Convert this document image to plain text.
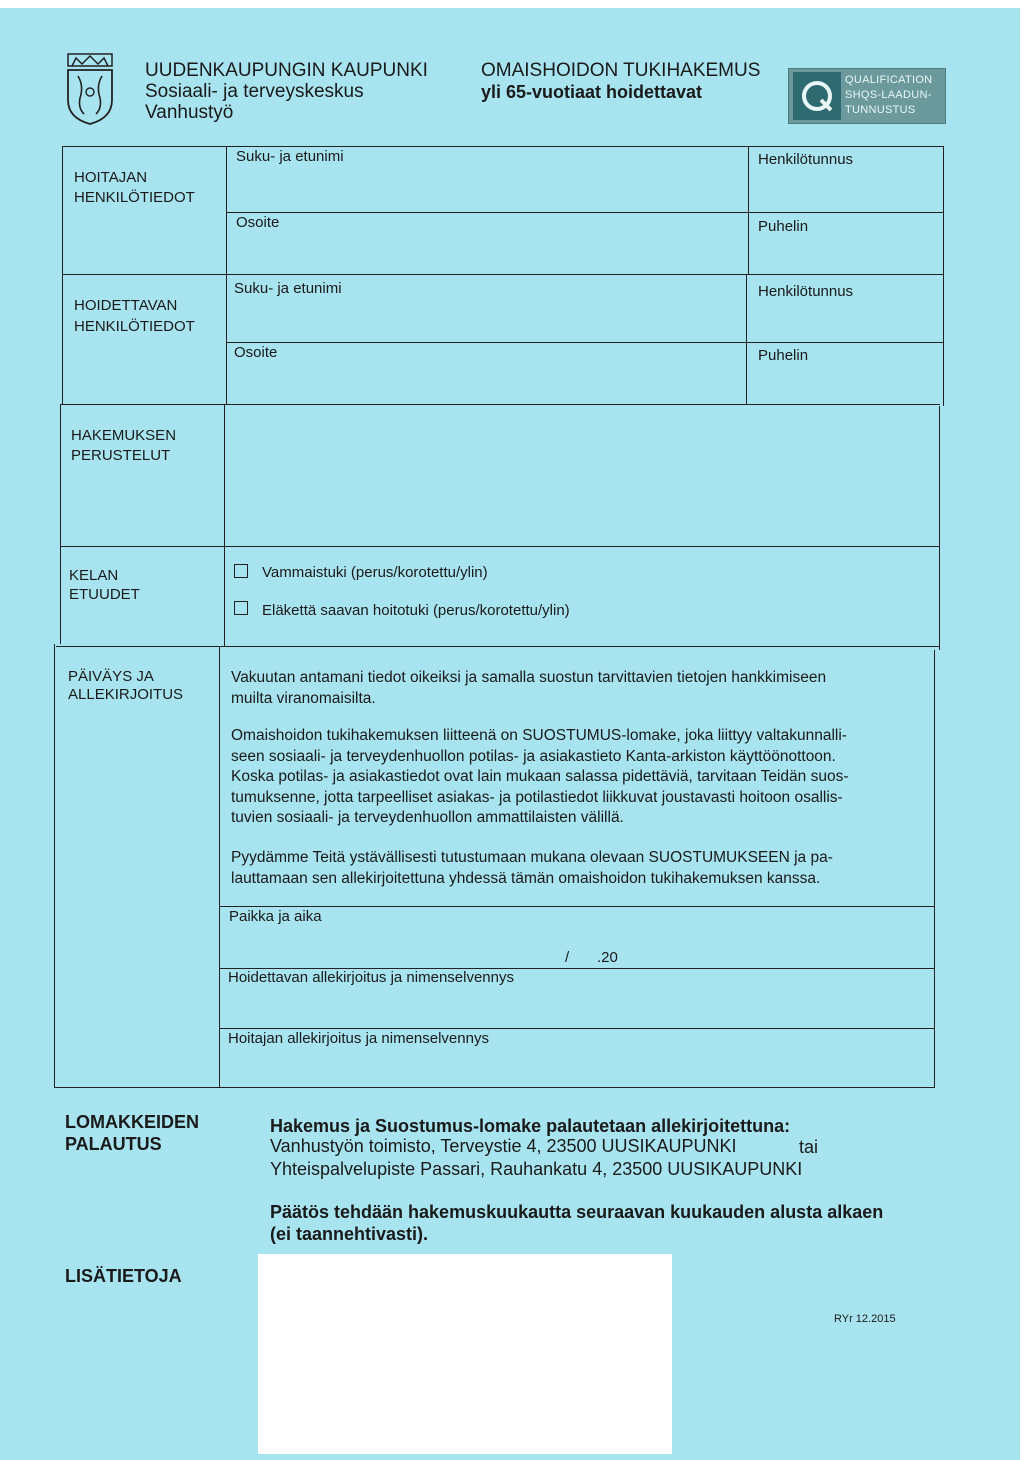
UUDENKAUPUNGIN KAUPUNKI
Sosiaali- ja terveyskeskus
Vanhustyö
OMAISHOIDON TUKIHAKEMUS
yli 65-vuotiaat hoidettavat
QUALIFICATION
SHQS-LAADUN-
TUNNUSTUS
HOITAJAN
HENKILÖTIEDOT
Suku- ja etunimi	Henkilötunnus
Osoite	Puhelin
HOIDETTAVAN
HENKILÖTIEDOT
Suku- ja etunimi	Henkilötunnus
Osoite	Puhelin
HAKEMUKSEN
PERUSTELUT
KELAN
ETUUDET
Vammaistuki (perus/korotettu/ylin)
Eläkettä saavan hoitotuki (perus/korotettu/ylin)
PÄIVÄYS JA
ALLEKIRJOITUS
Vakuutan antamani tiedot oikeiksi ja samalla suostun tarvittavien tietojen hankkimiseen
muilta viranomaisilta.
Omaishoidon tukihakemuksen liitteenä on SUOSTUMUS-lomake, joka liittyy valtakunnalli-
seen sosiaali- ja terveydenhuollon potilas- ja asiakastieto Kanta-arkiston käyttöönottoon.
Koska potilas- ja asiakastiedot ovat lain mukaan salassa pidettäviä, tarvitaan Teidän suos-
tumuksenne, jotta tarpeelliset asiakas- ja potilastiedot liikkuvat joustavasti hoitoon osallis-
tuvien sosiaali- ja terveydenhuollon ammattilaisten välillä.
Pyydämme Teitä ystävällisesti tutustumaan mukana olevaan SUOSTUMUKSEEN ja pa-
lauttamaan sen allekirjoitettuna yhdessä tämän omaishoidon tukihakemuksen kanssa.
Paikka ja aika
/ .20
Hoidettavan allekirjoitus ja nimenselvennys
Hoitajan allekirjoitus ja nimenselvennys
LOMAKKEIDEN
PALAUTUS
Hakemus ja Suostumus-lomake palautetaan allekirjoitettuna:
Vanhustyön toimisto, Terveystie 4, 23500 UUSIKAUPUNKI	tai
Yhteispalvelupiste Passari, Rauhankatu 4, 23500 UUSIKAUPUNKI
Päätös tehdään hakemuskuukautta seuraavan kuukauden alusta alkaen
(ei taannehtivasti).
LISÄTIETOJA
RYr 12.2015
